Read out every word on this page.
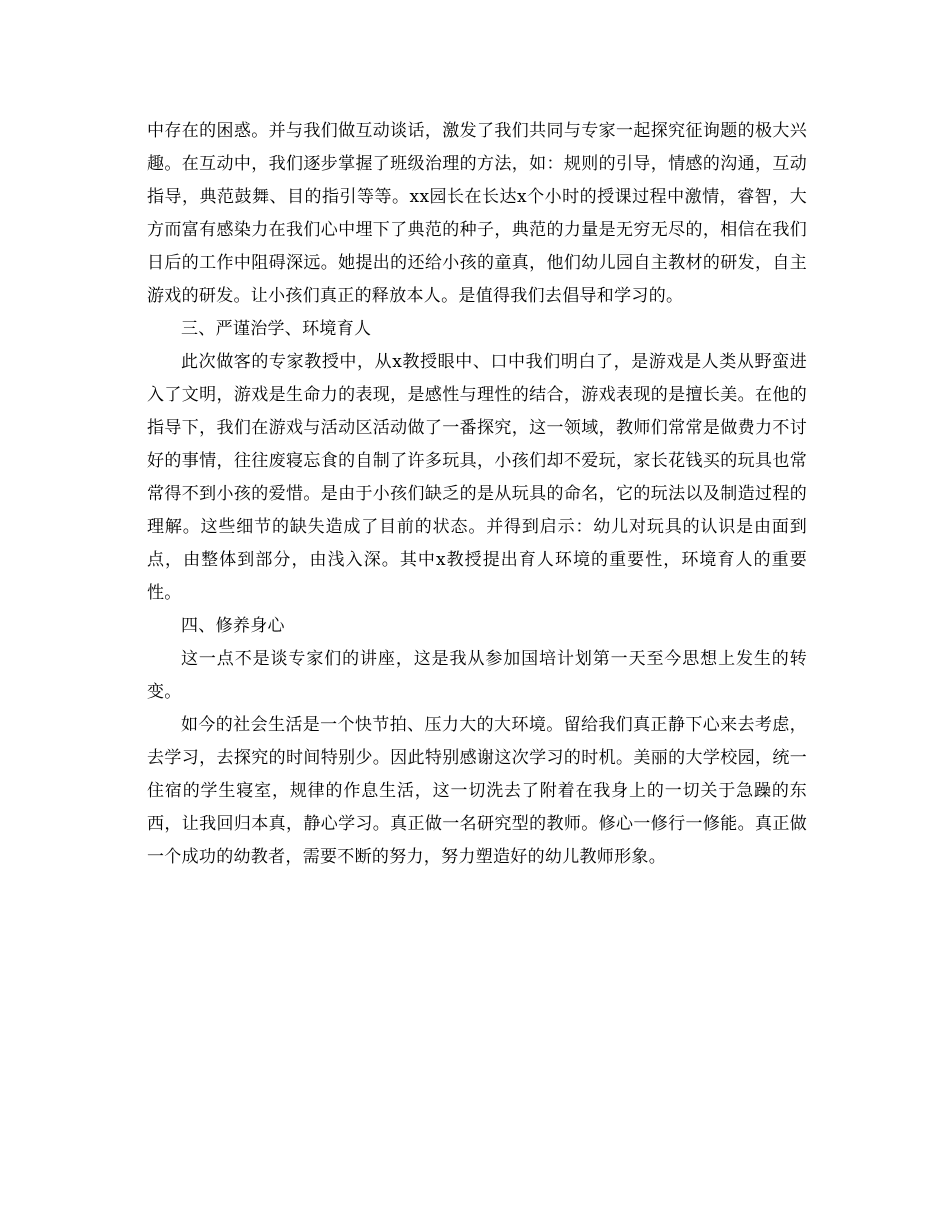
中存在的困惑。并与我们做互动谈话，激发了我们共同与专家一起探究征询题的极大兴趣。在互动中，我们逐步掌握了班级治理的方法，如：规则的引导，情感的沟通，互动指导，典范鼓舞、目的指引等等。xx园长在长达x个小时的授课过程中激情，睿智，大方而富有感染力在我们心中埋下了典范的种子，典范的力量是无穷无尽的，相信在我们日后的工作中阻碍深远。她提出的还给小孩的童真，他们幼儿园自主教材的研发，自主游戏的研发。让小孩们真正的释放本人。是值得我们去倡导和学习的。

三、严谨治学、环境育人

此次做客的专家教授中，从x教授眼中、口中我们明白了，是游戏是人类从野蛮进入了文明，游戏是生命力的表现，是感性与理性的结合，游戏表现的是擅长美。在他的指导下，我们在游戏与活动区活动做了一番探究，这一领域，教师们常常是做费力不讨好的事情，往往废寝忘食的自制了许多玩具，小孩们却不爱玩，家长花钱买的玩具也常常得不到小孩的爱惜。是由于小孩们缺乏的是从玩具的命名，它的玩法以及制造过程的理解。这些细节的缺失造成了目前的状态。并得到启示：幼儿对玩具的认识是由面到点，由整体到部分，由浅入深。其中x教授提出育人环境的重要性，环境育人的重要性。

四、修养身心

这一点不是谈专家们的讲座，这是我从参加国培计划第一天至今思想上发生的转变。

如今的社会生活是一个快节拍、压力大的大环境。留给我们真正静下心来去考虑，去学习，去探究的时间特别少。因此特别感谢这次学习的时机。美丽的大学校园，统一住宿的学生寝室，规律的作息生活，这一切洗去了附着在我身上的一切关于急躁的东西，让我回归本真，静心学习。真正做一名研究型的教师。修心一修行一修能。真正做一个成功的幼教者，需要不断的努力，努力塑造好的幼儿教师形象。
